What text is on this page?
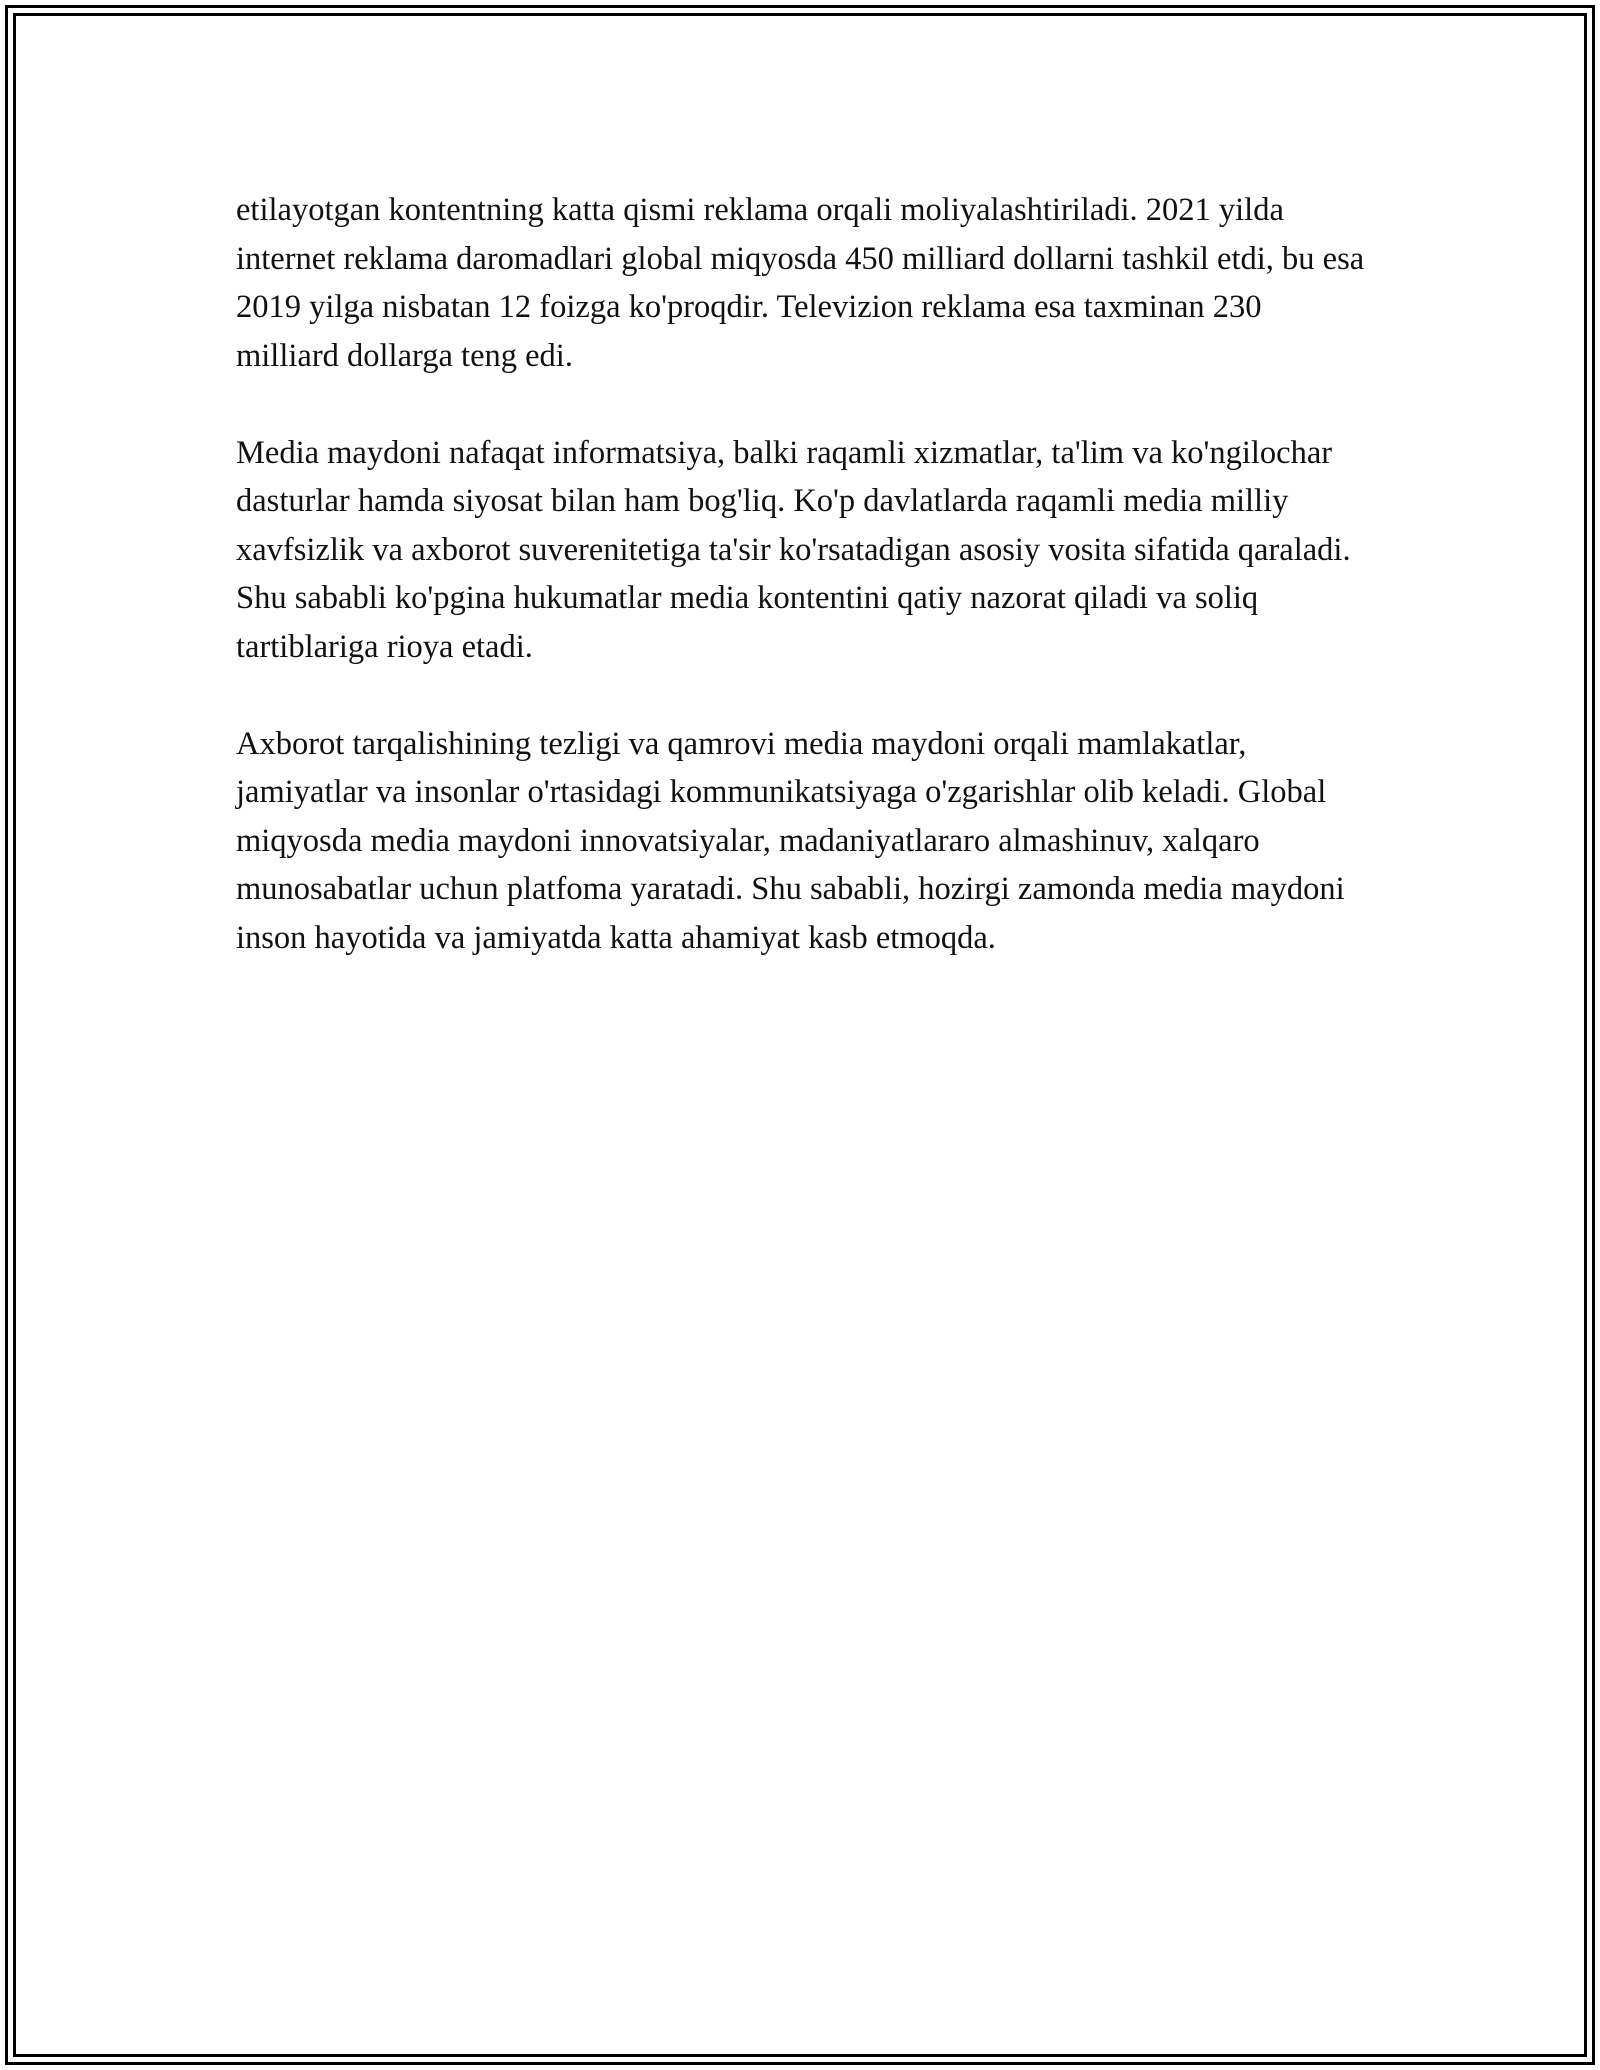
etilayotgan kontentning katta qismi reklama orqali moliyalashtiriladi. 2021 yilda internet reklama daromadlari global miqyosda 450 milliard dollarni tashkil etdi, bu esa 2019 yilga nisbatan 12 foizga ko'proqdir. Televizion reklama esa taxminan 230 milliard dollarga teng edi.

Media maydoni nafaqat informatsiya, balki raqamli xizmatlar, ta'lim va ko'ngilochar dasturlar hamda siyosat bilan ham bog'liq. Ko'p davlatlarda raqamli media milliy xavfsizlik va axborot suverenitetiga ta'sir ko'rsatadigan asosiy vosita sifatida qaraladi. Shu sababli ko'pgina hukumatlar media kontentini qatiy nazorat qiladi va soliq tartiblariga rioya etadi.

Axborot tarqalishining tezligi va qamrovi media maydoni orqali mamlakatlar, jamiyatlar va insonlar o'rtasidagi kommunikatsiyaga o'zgarishlar olib keladi. Global miqyosda media maydoni innovatsiyalar, madaniyatlararo almashinuv, xalqaro munosabatlar uchun platfoma yaratadi. Shu sababli, hozirgi zamonda media maydoni inson hayotida va jamiyatda katta ahamiyat kasb etmoqda.
